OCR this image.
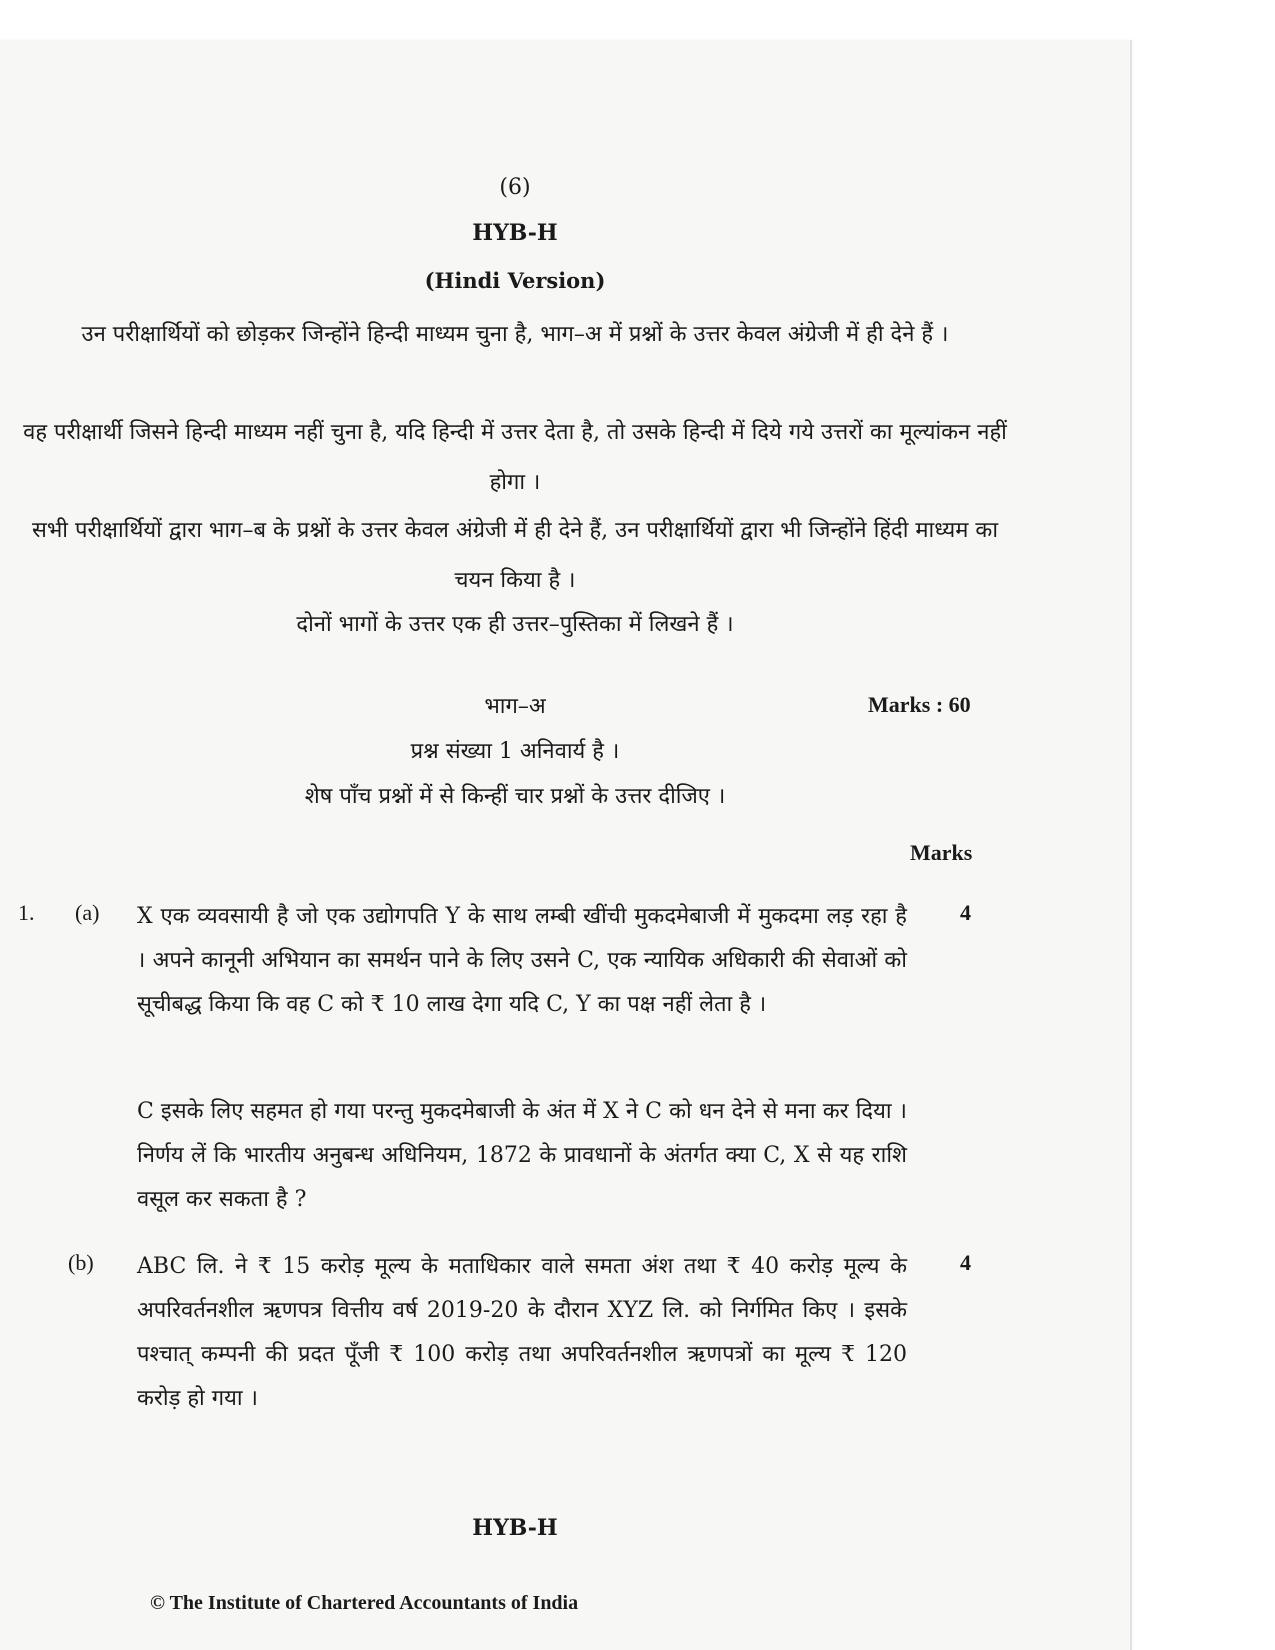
(6)
HYB-H
(Hindi Version)
उन परीक्षार्थियों को छोड़कर जिन्होंने हिन्दी माध्यम चुना है, भाग–अ में प्रश्नों के उत्तर केवल अंग्रेजी में ही देने हैं ।
वह परीक्षार्थी जिसने हिन्दी माध्यम नहीं चुना है, यदि हिन्दी में उत्तर देता है, तो उसके हिन्दी में दिये गये उत्तरों का मूल्यांकन नहीं होगा ।
सभी परीक्षार्थियों द्वारा भाग–ब के प्रश्नों के उत्तर केवल अंग्रेजी में ही देने हैं, उन परीक्षार्थियों द्वारा भी जिन्होंने हिंदी माध्यम का चयन किया है ।
दोनों भागों के उत्तर एक ही उत्तर–पुस्तिका में लिखने हैं ।
भाग–अ	Marks : 60
प्रश्न संख्या 1 अनिवार्य है ।
शेष पाँच प्रश्नों में से किन्हीं चार प्रश्नों के उत्तर दीजिए ।
Marks
1. (a) X एक व्यवसायी है जो एक उद्योगपति Y के साथ लम्बी खींची मुकदमेबाजी में मुकदमा लड़ रहा है । अपने कानूनी अभियान का समर्थन पाने के लिए उसने C, एक न्यायिक अधिकारी की सेवाओं को सूचीबद्ध किया कि वह C को ₹ 10 लाख देगा यदि C, Y का पक्ष नहीं लेता है ।
C इसके लिए सहमत हो गया परन्तु मुकदमेबाजी के अंत में X ने C को धन देने से मना कर दिया । निर्णय लें कि भारतीय अनुबन्ध अधिनियम, 1872 के प्रावधानों के अंतर्गत क्या C, X से यह राशि वसूल कर सकता है ?
4
(b) ABC लि. ने ₹ 15 करोड़ मूल्य के मताधिकार वाले समता अंश तथा ₹ 40 करोड़ मूल्य के अपरिवर्तनशील ऋणपत्र वित्तीय वर्ष 2019-20 के दौरान XYZ लि. को निर्गमित किए । इसके पश्चात् कम्पनी की प्रदत पूँजी ₹ 100 करोड़ तथा अपरिवर्तनशील ऋणपत्रों का मूल्य ₹ 120 करोड़ हो गया ।
4
HYB-H
© The Institute of Chartered Accountants of India
